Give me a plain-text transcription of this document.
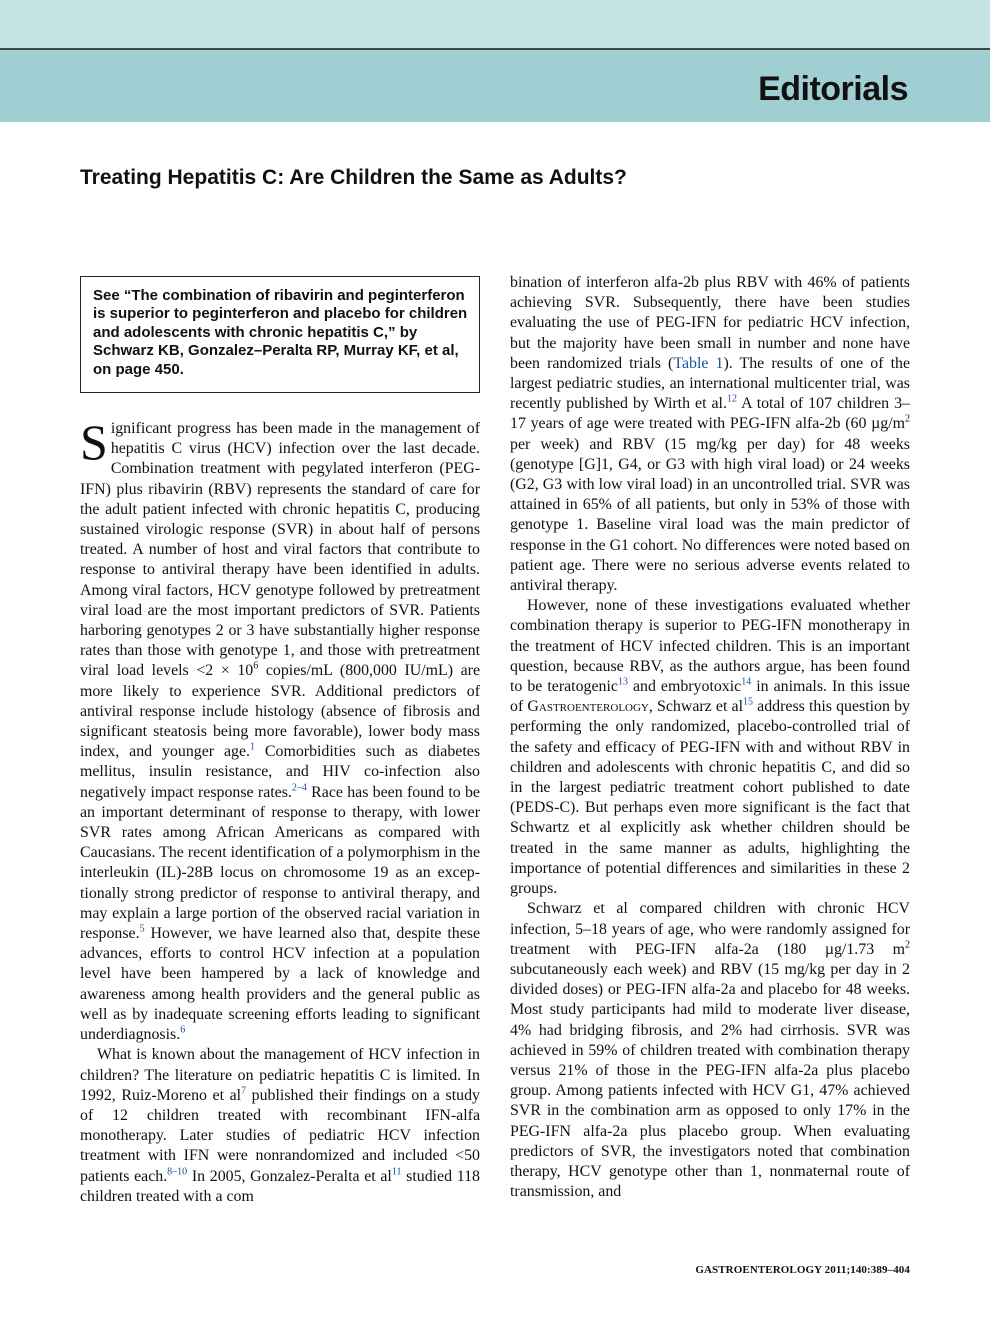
Editorials
Treating Hepatitis C: Are Children the Same as Adults?
See “The combination of ribavirin and peginterferon is superior to peginterferon and placebo for children and adolescents with chronic hepatitis C,” by Schwarz KB, Gonzalez–Peralta RP, Murray KF, et al, on page 450.

Significant progress has been made in the management of hepatitis C virus (HCV) infection over the last decade. Combination treatment with pegylated interferon (PEG-IFN) plus ribavirin (RBV) represents the standard of care for the adult patient infected with chronic hepatitis C, producing sustained virologic response (SVR) in about half of persons treated. A number of host and viral factors that contribute to response to antiviral therapy have been identified in adults. Among viral factors, HCV genotype followed by pretreatment viral load are the most important predictors of SVR. Patients harboring genotypes 2 or 3 have substantially higher response rates than those with genotype 1, and those with pretreatment viral load levels $<2 \times 10^6$ copies/mL (800,000 IU/mL) are more likely to experience SVR. Additional predictors of antiviral response include histology (absence of fibrosis and significant steatosis being more favorable), lower body mass index, and younger age.$^1$ Comorbidities such as diabetes mellitus, insulin resistance, and HIV co-infection also negatively impact response rates.$^{2-4}$ Race has been found to be an important determinant of response to therapy, with lower SVR rates among African Americans as compared with Caucasians. The recent identification of a polymorphism in the interleukin (IL)-28B locus on chromosome 19 as an exceptionally strong predictor of response to antiviral therapy, and may explain a large portion of the observed racial variation in response.$^5$ However, we have learned also that, despite these advances, efforts to control HCV infection at a population level have been hampered by a lack of knowledge and awareness among health providers and the general public as well as by inadequate screening efforts leading to significant underdiagnosis.$^6$

What is known about the management of HCV infection in children? The literature on pediatric hepatitis C is limited. In 1992, Ruiz-Moreno et $al^7$ published their findings on a study of 12 children treated with recombinant IFN-alfa monotherapy. Later studies of pediatric HCV infection treatment with IFN were nonrandomized and included <50 patients each.$^{8-10}$ In 2005, Gonzalez-Peralta et $al^{11}$ studied 118 children treated with a com

bination of interferon alfa-2b plus RBV with 46% of patients achieving SVR. Subsequently, there have been studies evaluating the use of PEG-IFN for pediatric HCV infection, but the majority have been small in number and none have been randomized trials (Table 1). The results of one of the largest pediatric studies, an international multicenter trial, was recently published by Wirth et al.$^{12}$ A total of 107 children 3–17 years of age were treated with PEG-IFN alfa-2b (60 $\mu g/m^2$ per week) and RBV (15 mg/kg per day) for 48 weeks (genotype [G]1, G4, or G3 with high viral load) or 24 weeks (G2, G3 with low viral load) in an uncontrolled trial. SVR was attained in 65% of all patients, but only in 53% of those with genotype 1. Baseline viral load was the main predictor of response in the G1 cohort. No differences were noted based on patient age. There were no serious adverse events related to antiviral therapy.

However, none of these investigations evaluated whether combination therapy is superior to PEG-IFN monotherapy in the treatment of HCV infected children. This is an important question, because RBV, as the authors argue, has been found to be teratogenic$^{13}$ and embryotoxic$^{14}$ in animals. In this issue of Gastroenterology, Schwarz et $al^{15}$ address this question by performing the only randomized, placebo-controlled trial of the safety and efficacy of PEG-IFN with and without RBV in children and adolescents with chronic hepatitis C, and did so in the largest pediatric treatment cohort published to date (PEDS-C). But perhaps even more significant is the fact that Schwartz et al explicitly ask whether children should be treated in the same manner as adults, highlighting the importance of potential differences and similarities in these 2 groups.

Schwarz et al compared children with chronic HCV infection, 5–18 years of age, who were randomly assigned for treatment with PEG-IFN alfa-2a (180 µg/1.73 $m^2$ subcutaneously each week) and RBV (15 mg/kg per day in 2 divided doses) or PEG-IFN alfa-2a and placebo for 48 weeks. Most study participants had mild to moderate liver disease, 4% had bridging fibrosis, and 2% had cirrhosis. SVR was achieved in 59% of children treated with combination therapy versus 21% of those in the PEG-IFN alfa-2a plus placebo group. Among patients infected with HCV G1, 47% achieved SVR in the combination arm as opposed to only 17% in the PEG-IFN alfa-2a plus placebo group. When evaluating predictors of SVR, the investigators noted that combination therapy, HCV genotype other than 1, nonmaternal route of transmission, and

GASTROENTEROLOGY 2011;140:389–404
